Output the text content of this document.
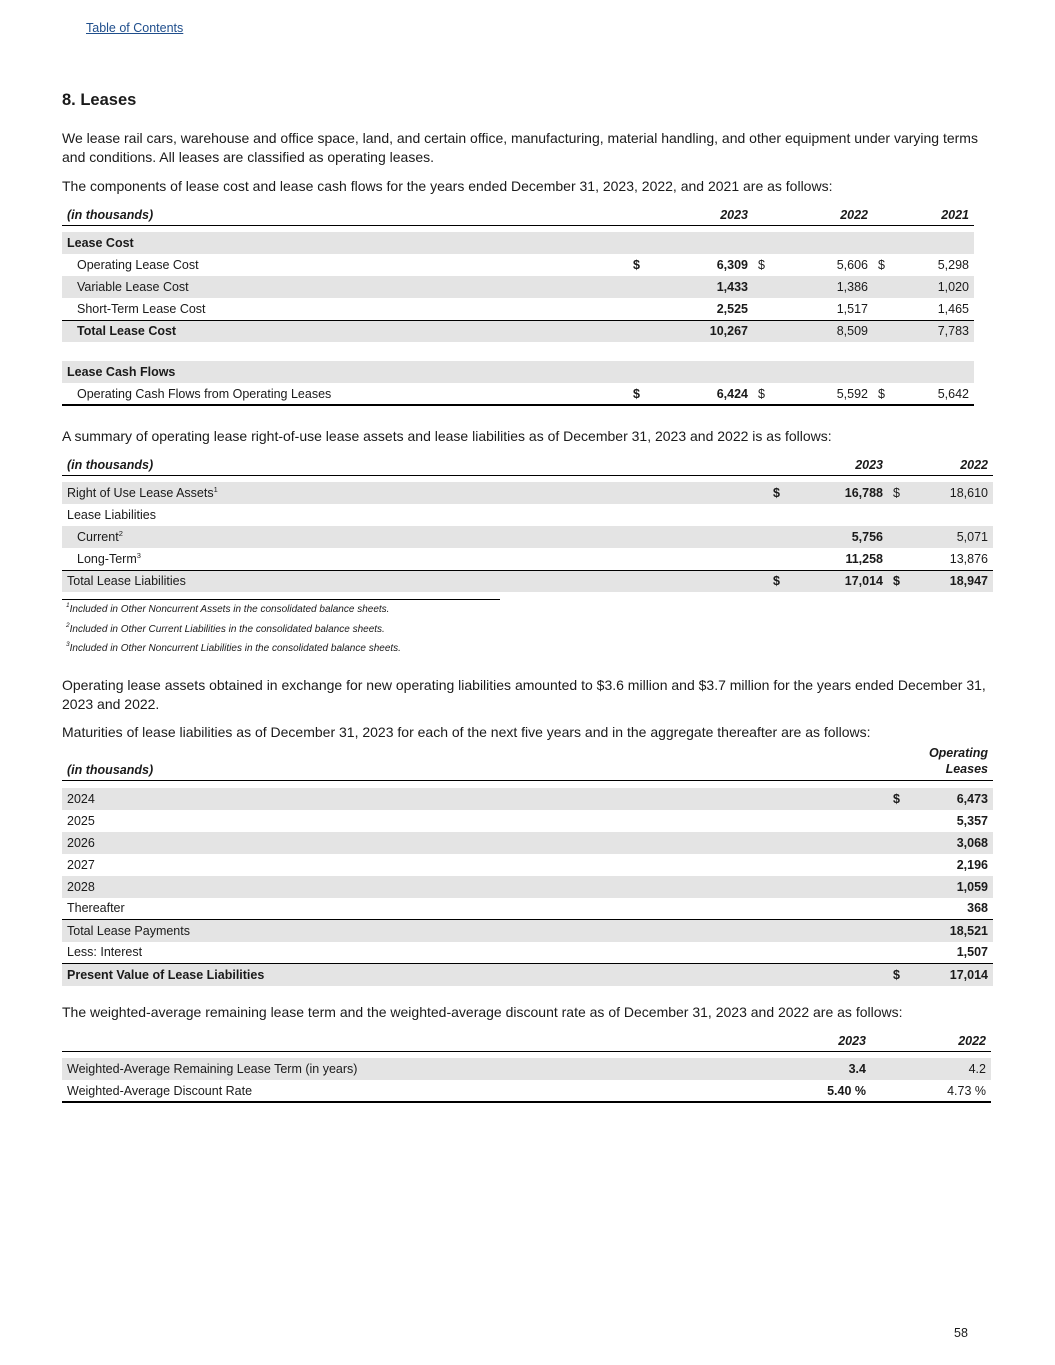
Table of Contents
8. Leases
We lease rail cars, warehouse and office space, land, and certain office, manufacturing, material handling, and other equipment under varying terms and conditions. All leases are classified as operating leases.
The components of lease cost and lease cash flows for the years ended December 31, 2023, 2022, and 2021 are as follows:
(in thousands)		2023		2022		2021

Lease Cost						
Operating Lease Cost	$	6,309	$	5,606	$	5,298
Variable Lease Cost		1,433		1,386		1,020
Short-Term Lease Cost		2,525		1,517		1,465
Total Lease Cost		10,267		8,509		7,783

Lease Cash Flows						
Operating Cash Flows from Operating Leases	$	6,424	$	5,592	$	5,642
A summary of operating lease right-of-use lease assets and lease liabilities as of December 31, 2023 and 2022 is as follows:
(in thousands)		2023		2022

Right of Use Lease Assets$^1$	$	16,788	$	18,610
Lease Liabilities				
Current$^2$		5,756		5,071
Long-Term$^3$		11,258		13,876
Total Lease Liabilities	$	17,014	$	18,947
$^1$Included in Other Noncurrent Assets in the consolidated balance sheets.
$^2$Included in Other Current Liabilities in the consolidated balance sheets.
$^3$Included in Other Noncurrent Liabilities in the consolidated balance sheets.
Operating lease assets obtained in exchange for new operating liabilities amounted to $3.6 million and $3.7 million for the years ended December 31, 2023 and 2022.
Maturities of lease liabilities as of December 31, 2023 for each of the next five years and in the aggregate thereafter are as follows:
(in thousands)		Operating
Leases

2024	$	6,473
2025		5,357
2026		3,068
2027		2,196
2028		1,059
Thereafter		368
Total Lease Payments		18,521
Less: Interest		1,507
Present Value of Lease Liabilities	$	17,014
The weighted-average remaining lease term and the weighted-average discount rate as of December 31, 2023 and 2022 are as follows:
	2023	2022

Weighted-Average Remaining Lease Term (in years)	3.4	4.2
Weighted-Average Discount Rate	5.40 %	4.73 %
58
